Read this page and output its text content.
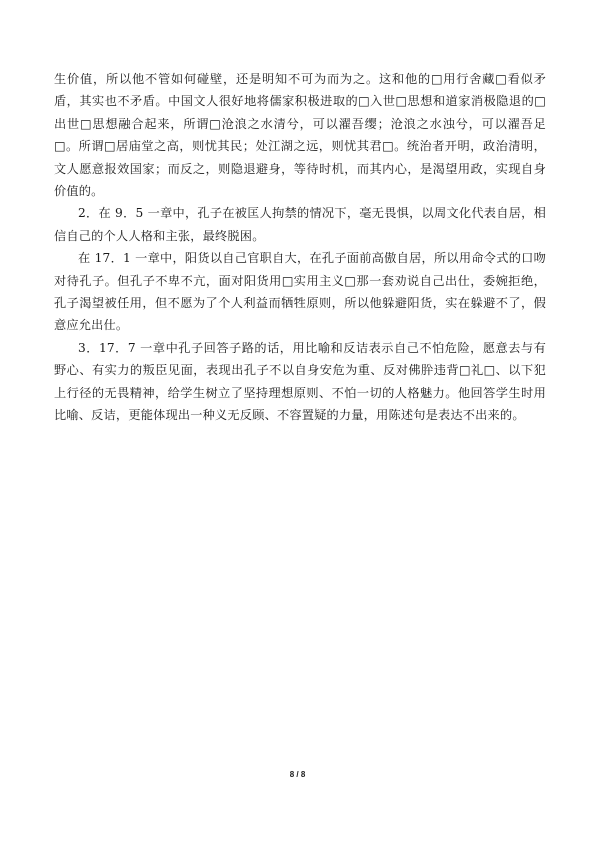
生价值，所以他不管如何碰壁，还是明知不可为而为之。这和他的□用行舍藏□看似矛盾，其实也不矛盾。中国文人很好地将儒家积极进取的□入世□思想和道家消极隐退的□出世□思想融合起来，所谓□沧浪之水清兮，可以濯吾缨；沧浪之水浊兮，可以濯吾足□。所谓□居庙堂之高，则忧其民；处江湖之远，则忧其君□。统治者开明，政治清明，文人愿意报效国家；而反之，则隐退避身，等待时机，而其内心，是渴望用政，实现自身价值的。

2．在 9．5 一章中，孔子在被匡人拘禁的情况下，毫无畏惧，以周文化代表自居，相信自己的个人人格和主张，最终脱困。

在 17．1 一章中，阳货以自己官职自大，在孔子面前高傲自居，所以用命令式的口吻对待孔子。但孔子不卑不亢，面对阳货用□实用主义□那一套劝说自己出仕，委婉拒绝，孔子渴望被任用，但不愿为了个人利益而牺牲原则，所以他躲避阳货，实在躲避不了，假意应允出仕。

3．17．7 一章中孔子回答子路的话，用比喻和反诘表示自己不怕危险，愿意去与有野心、有实力的叛臣见面，表现出孔子不以自身安危为重、反对佛肸违背□礼□、以下犯上行径的无畏精神，给学生树立了坚持理想原则、不怕一切的人格魅力。他回答学生时用比喻、反诘，更能体现出一种义无反顾、不容置疑的力量，用陈述句是表达不出来的。

8 / 8
